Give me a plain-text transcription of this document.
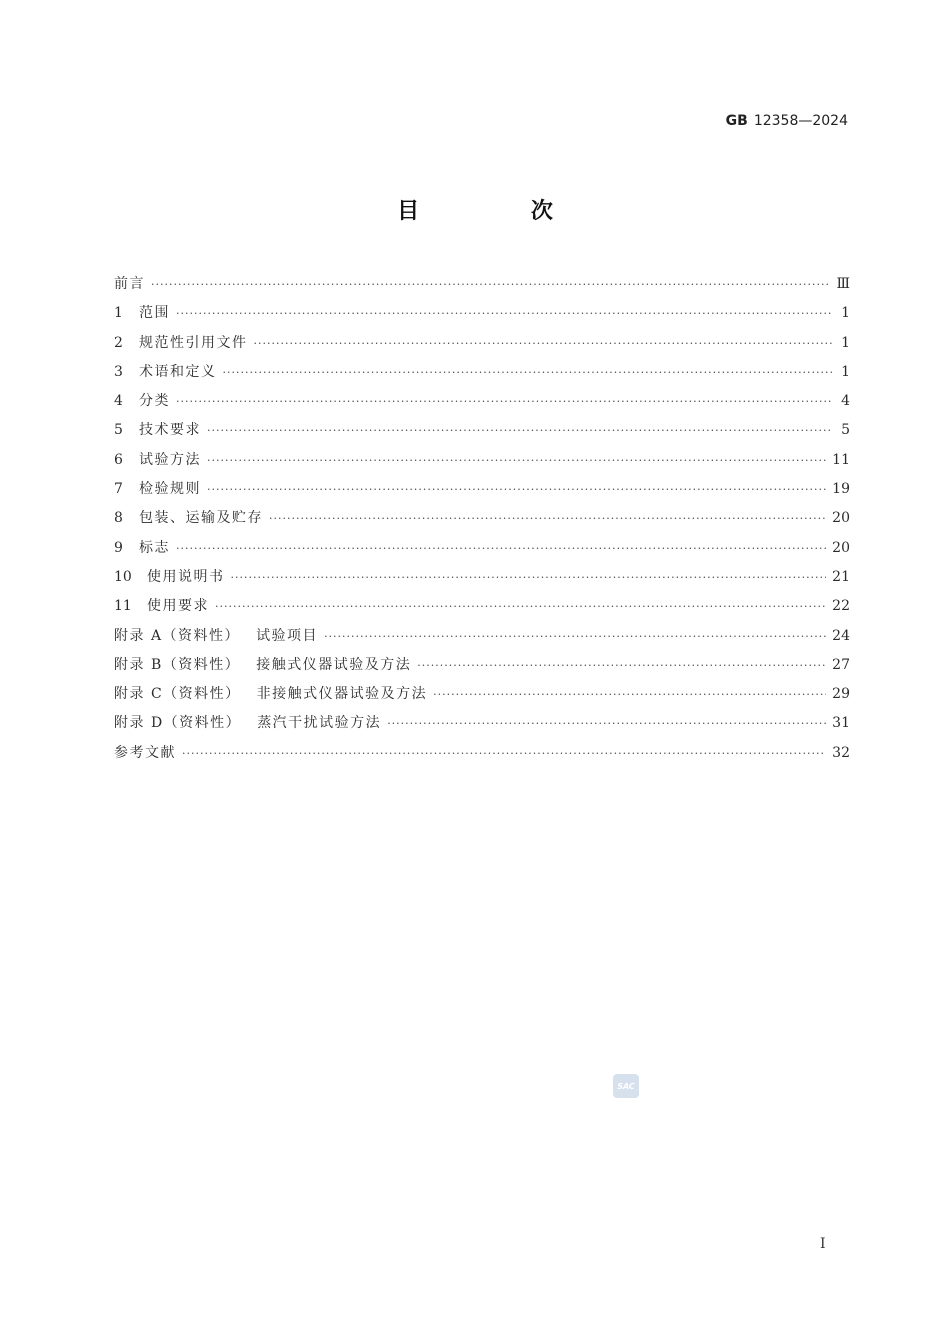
GB 12358—2024
目 次
前言 ·····	Ⅲ
1	范围 ·····	1
2	规范性引用文件 ·····	1
3	术语和定义 ·····	1
4	分类 ·····	4
5	技术要求 ·····	5
6	试验方法 ·····	11
7	检验规则 ·····	19
8	包装、运输及贮存 ·····	20
9	标志 ·····	20
10	使用说明书 ·····	21
11	使用要求 ·····	22
附录 A（资料性） 试验项目 ·····	24
附录 B（资料性） 接触式仪器试验及方法 ·····	27
附录 C（资料性） 非接触式仪器试验及方法 ·····	29
附录 D（资料性） 蒸汽干扰试验方法 ·····	31
参考文献 ·····	32
SAC
I
